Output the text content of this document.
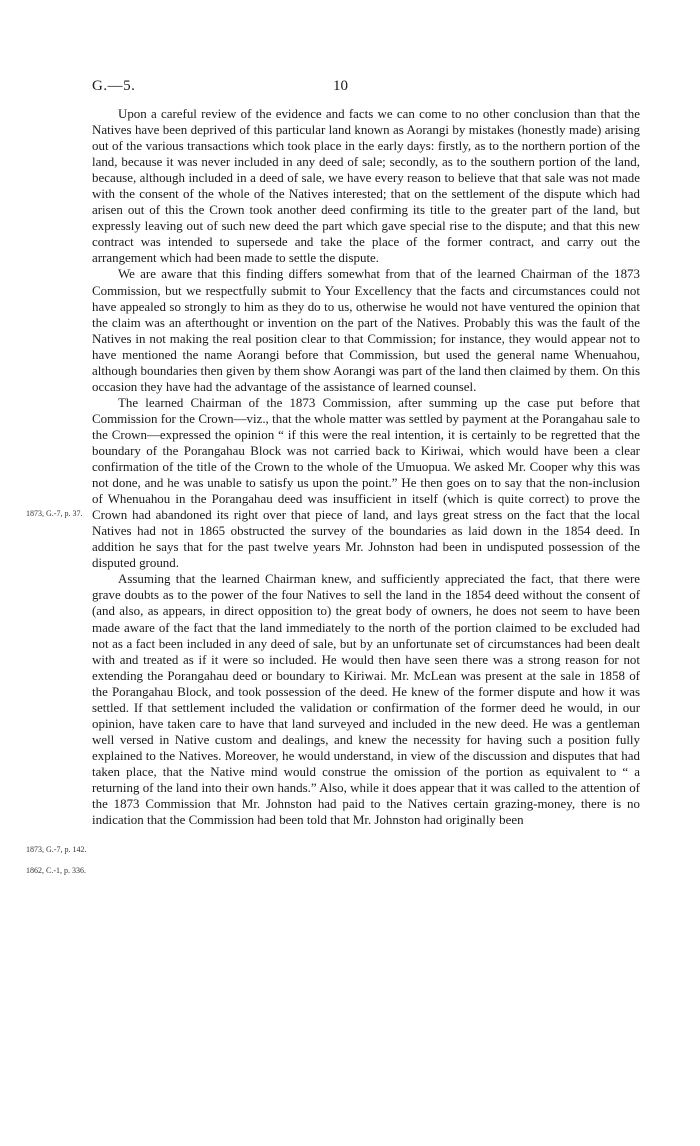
G.—5.	10
1873, G.-7, p. 37.
1873, G.-7, p. 142.
1862, C.-1, p. 336.

Upon a careful review of the evidence and facts we can come to no other conclusion than that the Natives have been deprived of this particular land known as Aorangi by mistakes (honestly made) arising out of the various transactions which took place in the early days: firstly, as to the northern portion of the land, because it was never included in any deed of sale; secondly, as to the southern portion of the land, because, although included in a deed of sale, we have every reason to believe that that sale was not made with the consent of the whole of the Natives interested; that on the settlement of the dispute which had arisen out of this the Crown took another deed confirming its title to the greater part of the land, but expressly leaving out of such new deed the part which gave special rise to the dispute; and that this new contract was intended to supersede and take the place of the former contract, and carry out the arrangement which had been made to settle the dispute.

We are aware that this finding differs somewhat from that of the learned Chairman of the 1873 Commission, but we respectfully submit to Your Excellency that the facts and circumstances could not have appealed so strongly to him as they do to us, otherwise he would not have ventured the opinion that the claim was an afterthought or invention on the part of the Natives. Probably this was the fault of the Natives in not making the real position clear to that Commission; for instance, they would appear not to have mentioned the name Aorangi before that Commission, but used the general name Whenuahou, although boundaries then given by them show Aorangi was part of the land then claimed by them. On this occasion they have had the advantage of the assistance of learned counsel.

The learned Chairman of the 1873 Commission, after summing up the case put before that Commission for the Crown—viz., that the whole matter was settled by payment at the Porangahau sale to the Crown—expressed the opinion “ if this were the real intention, it is certainly to be regretted that the boundary of the Porangahau Block was not carried back to Kiriwai, which would have been a clear confirmation of the title of the Crown to the whole of the Umuopua. We asked Mr. Cooper why this was not done, and he was unable to satisfy us upon the point.” He then goes on to say that the non-inclusion of Whenuahou in the Porangahau deed was insufficient in itself (which is quite correct) to prove the Crown had abandoned its right over that piece of land, and lays great stress on the fact that the local Natives had not in 1865 obstructed the survey of the boundaries as laid down in the 1854 deed. In addition he says that for the past twelve years Mr. Johnston had been in undisputed possession of the disputed ground.

Assuming that the learned Chairman knew, and sufficiently appreciated the fact, that there were grave doubts as to the power of the four Natives to sell the land in the 1854 deed without the consent of (and also, as appears, in direct opposition to) the great body of owners, he does not seem to have been made aware of the fact that the land immediately to the north of the portion claimed to be excluded had not as a fact been included in any deed of sale, but by an unfortunate set of circumstances had been dealt with and treated as if it were so included. He would then have seen there was a strong reason for not extending the Porangahau deed or boundary to Kiriwai. Mr. McLean was present at the sale in 1858 of the Porangahau Block, and took possession of the deed. He knew of the former dispute and how it was settled. If that settlement included the validation or confirmation of the former deed he would, in our opinion, have taken care to have that land surveyed and included in the new deed. He was a gentleman well versed in Native custom and dealings, and knew the necessity for having such a position fully explained to the Natives. Moreover, he would understand, in view of the discussion and disputes that had taken place, that the Native mind would construe the omission of the portion as equivalent to “ a returning of the land into their own hands.” Also, while it does appear that it was called to the attention of the 1873 Commission that Mr. Johnston had paid to the Natives certain grazing-money, there is no indication that the Commission had been told that Mr. Johnston had originally been
